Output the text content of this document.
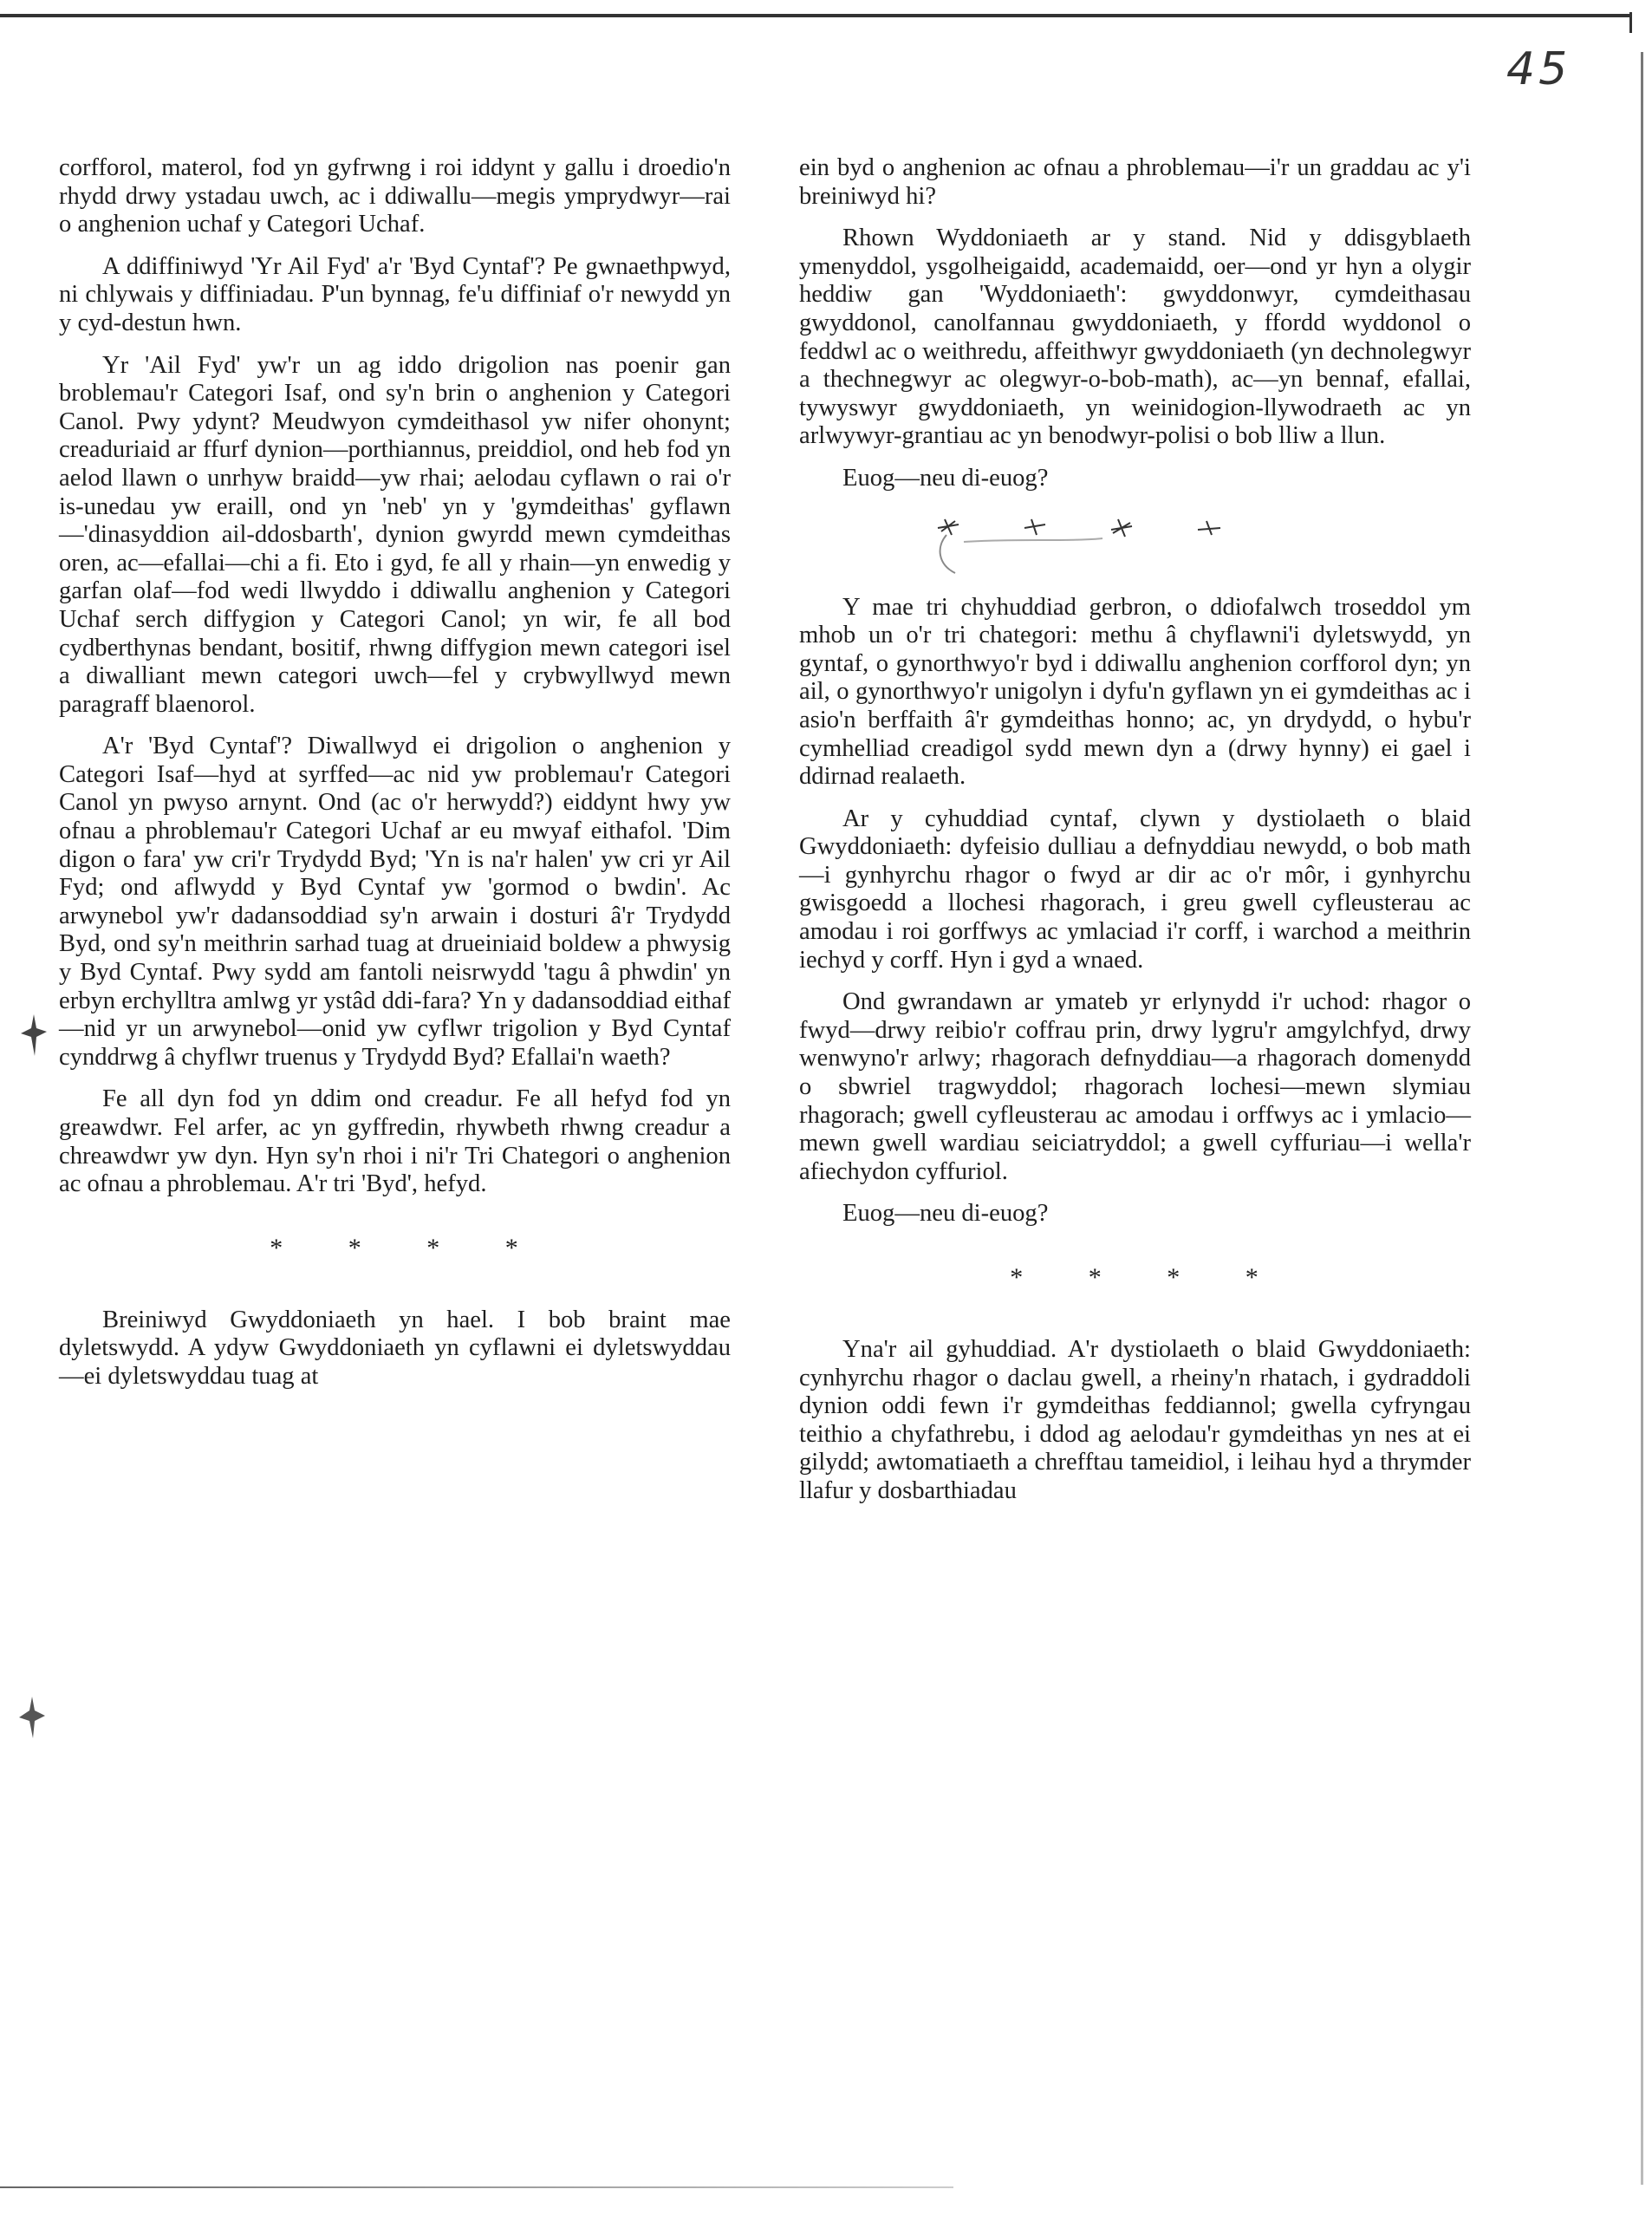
45

corfforol, materol, fod yn gyfrwng i roi iddynt y gallu i droedio'n rhydd drwy ystadau uwch, ac i ddiwallu—megis ymprydwyr—rai o anghenion uchaf y Categori Uchaf.

A ddiffiniwyd 'Yr Ail Fyd' a'r 'Byd Cyntaf'? Pe gwnaethpwyd, ni chlywais y diffiniadau. P'un bynnag, fe'u diffiniaf o'r newydd yn y cyd-destun hwn.

Yr 'Ail Fyd' yw'r un ag iddo drigolion nas poenir gan broblemau'r Categori Isaf, ond sy'n brin o anghenion y Categori Canol. Pwy ydynt? Meudwyon cymdeithasol yw nifer ohonynt; creaduriaid ar ffurf dynion—porthiannus, preiddiol, ond heb fod yn aelod llawn o unrhyw braidd—yw rhai; aelodau cyflawn o rai o'r is-unedau yw eraill, ond yn 'neb' yn y 'gymdeithas' gyflawn—'dinasyddion ail-ddosbarth', dynion gwyrdd mewn cymdeithas oren, ac—efallai—chi a fi. Eto i gyd, fe all y rhain—yn enwedig y garfan olaf—fod wedi llwyddo i ddiwallu anghenion y Categori Uchaf serch diffygion y Categori Canol; yn wir, fe all bod cydberthynas bendant, bositif, rhwng diffygion mewn categori isel a diwalliant mewn categori uwch—fel y crybwyllwyd mewn paragraff blaenorol.

A'r 'Byd Cyntaf'? Diwallwyd ei drigolion o anghenion y Categori Isaf—hyd at syrffed—ac nid yw problemau'r Categori Canol yn pwyso arnynt. Ond (ac o'r herwydd?) eiddynt hwy yw ofnau a phroblemau'r Categori Uchaf ar eu mwyaf eithafol. 'Dim digon o fara' yw cri'r Trydydd Byd; 'Yn is na'r halen' yw cri yr Ail Fyd; ond aflwydd y Byd Cyntaf yw 'gormod o bwdin'. Ac arwynebol yw'r dadansoddiad sy'n arwain i dosturi â'r Trydydd Byd, ond sy'n meithrin sarhad tuag at drueiniaid boldew a phwysig y Byd Cyntaf. Pwy sydd am fantoli neisrwydd 'tagu â phwdin' yn erbyn erchylltra amlwg yr ystâd ddi-fara? Yn y dadansoddiad eithaf—nid yr un arwynebol—onid yw cyflwr trigolion y Byd Cyntaf cynddrwg â chyflwr truenus y Trydydd Byd? Efallai'n waeth?

Fe all dyn fod yn ddim ond creadur. Fe all hefyd fod yn greawdwr. Fel arfer, ac yn gyffredin, rhywbeth rhwng creadur a chreawdwr yw dyn. Hyn sy'n rhoi i ni'r Tri Chategori o anghenion ac ofnau a phroblemau. A'r tri 'Byd', hefyd.

* * * *

Breiniwyd Gwyddoniaeth yn hael. I bob braint mae dyletswydd. A ydyw Gwyddoniaeth yn cyflawni ei dyletswyddau—ei dyletswyddau tuag at

ein byd o anghenion ac ofnau a phroblemau—i'r un graddau ac y'i breiniwyd hi?

Rhown Wyddoniaeth ar y stand. Nid y ddisgyblaeth ymenyddol, ysgolheigaidd, academaidd, oer—ond yr hyn a olygir heddiw gan 'Wyddoniaeth': gwyddonwyr, cymdeithasau gwyddonol, canolfannau gwyddoniaeth, y ffordd wyddonol o feddwl ac o weithredu, affeithwyr gwyddoniaeth (yn dechnolegwyr a thechnegwyr ac olegwyr-o-bob-math), ac—yn bennaf, efallai, tywyswyr gwyddoniaeth, yn weinidogion-llywodraeth ac yn arlwywyr-grantiau ac yn benodwyr-polisi o bob lliw a llun.

Euog—neu di-euog?

Y mae tri chyhuddiad gerbron, o ddiofalwch troseddol ym mhob un o'r tri chategori: methu â chyflawni'i dyletswydd, yn gyntaf, o gynorthwyo'r byd i ddiwallu anghenion corfforol dyn; yn ail, o gynorthwyo'r unigolyn i dyfu'n gyflawn yn ei gymdeithas ac i asio'n berffaith â'r gymdeithas honno; ac, yn drydydd, o hybu'r cymhelliad creadigol sydd mewn dyn a (drwy hynny) ei gael i ddirnad realaeth.

Ar y cyhuddiad cyntaf, clywn y dystiolaeth o blaid Gwyddoniaeth: dyfeisio dulliau a defnyddiau newydd, o bob math—i gynhyrchu rhagor o fwyd ar dir ac o'r môr, i gynhyrchu gwisgoedd a llochesi rhagorach, i greu gwell cyfleusterau ac amodau i roi gorffwys ac ymlaciad i'r corff, i warchod a meithrin iechyd y corff. Hyn i gyd a wnaed.

Ond gwrandawn ar ymateb yr erlynydd i'r uchod: rhagor o fwyd—drwy reibio'r coffrau prin, drwy lygru'r amgylchfyd, drwy wenwyno'r arlwy; rhagorach defnyddiau—a rhagorach domenydd o sbwriel tragwyddol; rhagorach lochesi—mewn slymiau rhagorach; gwell cyfleusterau ac amodau i orffwys ac i ymlacio—mewn gwell wardiau seiciatryddol; a gwell cyffuriau—i wella'r afiechydon cyffuriol.

Euog—neu di-euog?

* * * *

Yna'r ail gyhuddiad. A'r dystiolaeth o blaid Gwyddoniaeth: cynhyrchu rhagor o daclau gwell, a rheiny'n rhatach, i gydraddoli dynion oddi fewn i'r gymdeithas feddiannol; gwella cyfryngau teithio a chyfathrebu, i ddod ag aelodau'r gymdeithas yn nes at ei gilydd; awtomatiaeth a chrefftau tameidiol, i leihau hyd a thrymder llafur y dosbarthiadau
